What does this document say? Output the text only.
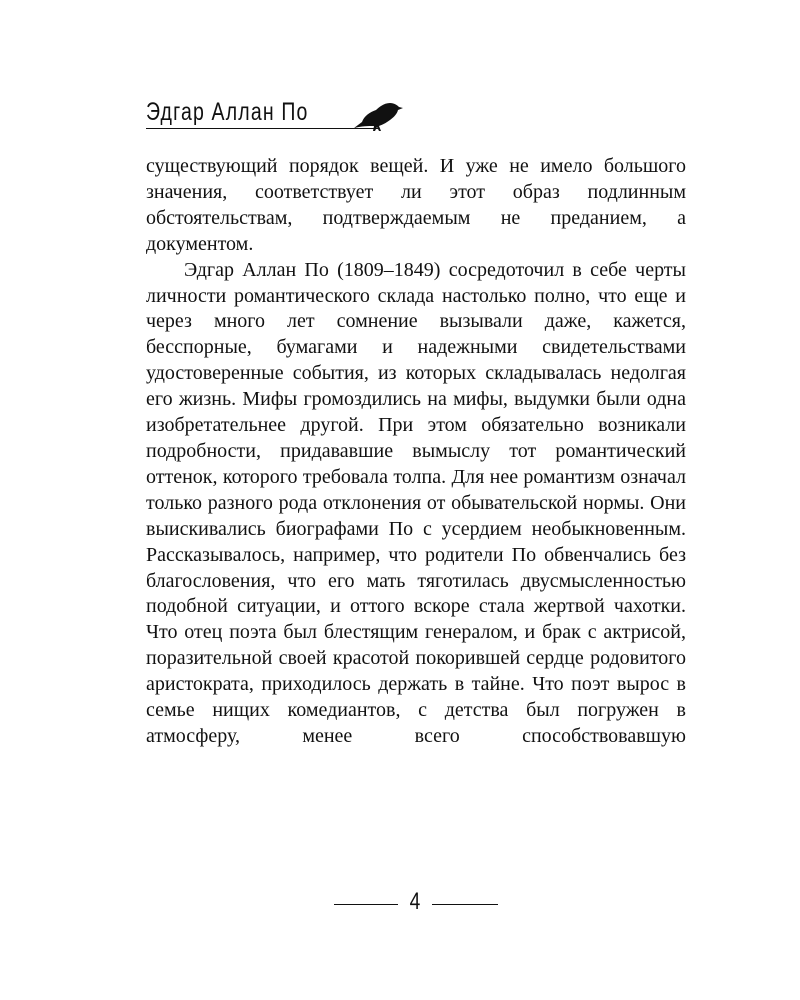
Эдгар Аллан По

существующий порядок вещей. И уже не имело большого значения, соответствует ли этот образ подлинным обстоятельствам, подтверждаемым не преданием, а документом.

Эдгар Аллан По (1809–1849) сосредоточил в себе черты личности романтического склада настолько полно, что еще и через много лет сомнение вызывали даже, кажется, бесспорные, бумагами и надежными свидетельствами удостоверенные события, из которых складывалась недолгая его жизнь. Мифы громоздились на мифы, выдумки были одна изобретательнее другой. При этом обязательно возникали подробности, придававшие вымыслу тот романтический оттенок, которого требовала толпа. Для нее романтизм означал только разного рода отклонения от обывательской нормы. Они выискивались биографами По с усердием необыкновенным. Рассказывалось, например, что родители По обвенчались без благословения, что его мать тяготилась двусмысленностью подобной ситуации, и оттого вскоре стала жертвой чахотки. Что отец поэта был блестящим генералом, и брак с актрисой, поразительной своей красотой покорившей сердце родовитого аристократа, приходилось держать в тайне. Что поэт вырос в семье нищих комедиантов, с детства был погружен в атмосферу, менее всего способствовавшую

4
